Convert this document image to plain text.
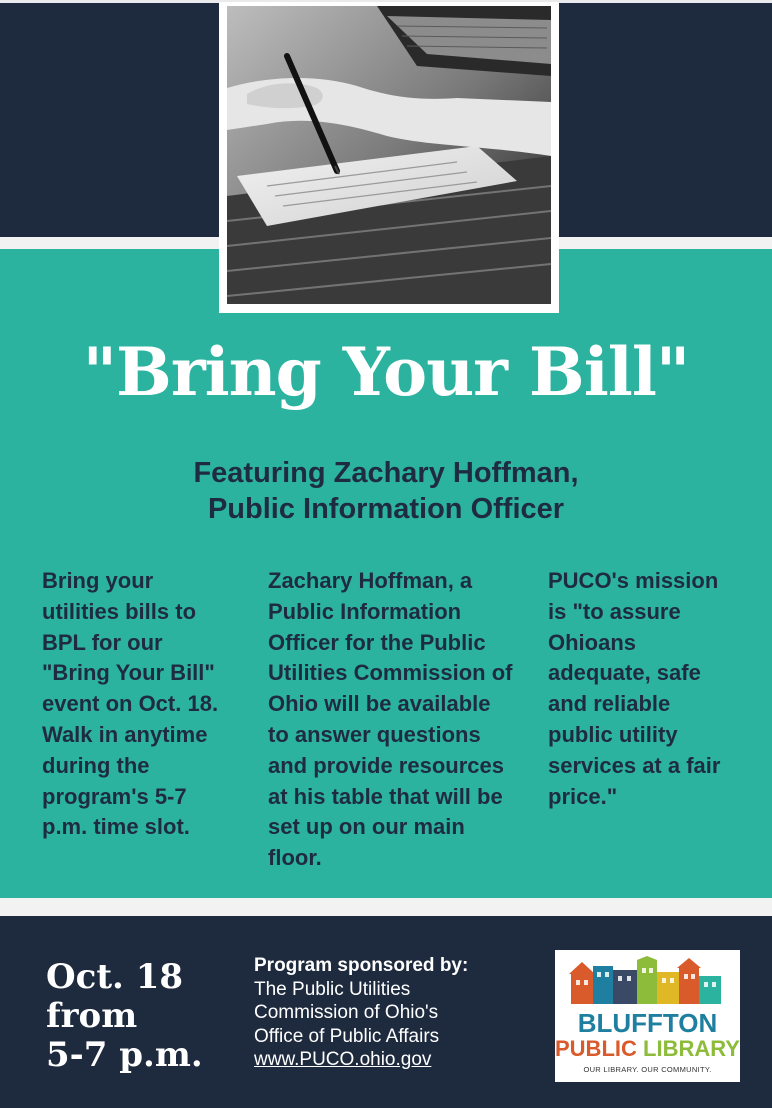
"Bring Your Bill"
Featuring Zachary Hoffman,
Public Information Officer
Bring your
utilities bills to
BPL for our
"Bring Your Bill"
event on Oct. 18.
Walk in anytime
during the
program's 5-7
p.m. time slot.
Zachary Hoffman, a
Public Information
Officer for the Public
Utilities Commission of
Ohio will be available
to answer questions
and provide resources
at his table that will be
set up on our main
floor.
PUCO's mission
is "to assure
Ohioans
adequate, safe
and reliable
public utility
services at a fair
price."
Oct. 18
from
5-7 p.m.
Program sponsored by:
The Public Utilities
Commission of Ohio's
Office of Public Affairs
www.PUCO.ohio.gov
BLUFFTON
PUBLIC LIBRARY
OUR LIBRARY. OUR COMMUNITY.
